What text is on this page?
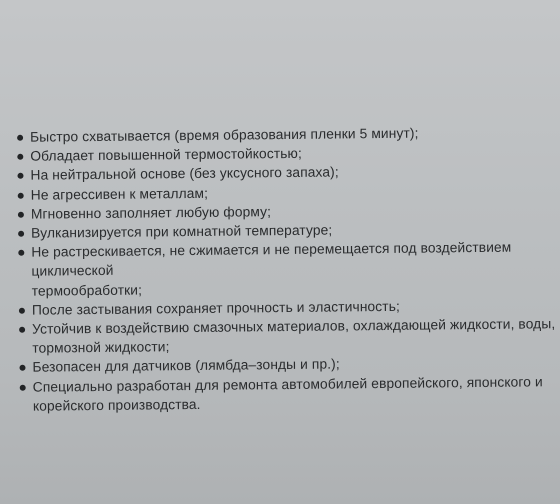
Быстро схватывается (время образования пленки 5 минут);
Обладает повышенной термостойкостью;
На нейтральной основе (без уксусного запаха);
Не агрессивен к металлам;
Мгновенно заполняет любую форму;
Вулканизируется при комнатной температуре;
Не растрескивается, не сжимается и не перемещается под воздействием циклической
термообработки;
После застывания сохраняет прочность и эластичность;
Устойчив к воздействию смазочных материалов, охлаждающей жидкости, воды,
тормозной жидкости;
Безопасен для датчиков (лямбда–зонды и пр.);
Специально разработан для ремонта автомобилей европейского, японского и
корейского производства.
